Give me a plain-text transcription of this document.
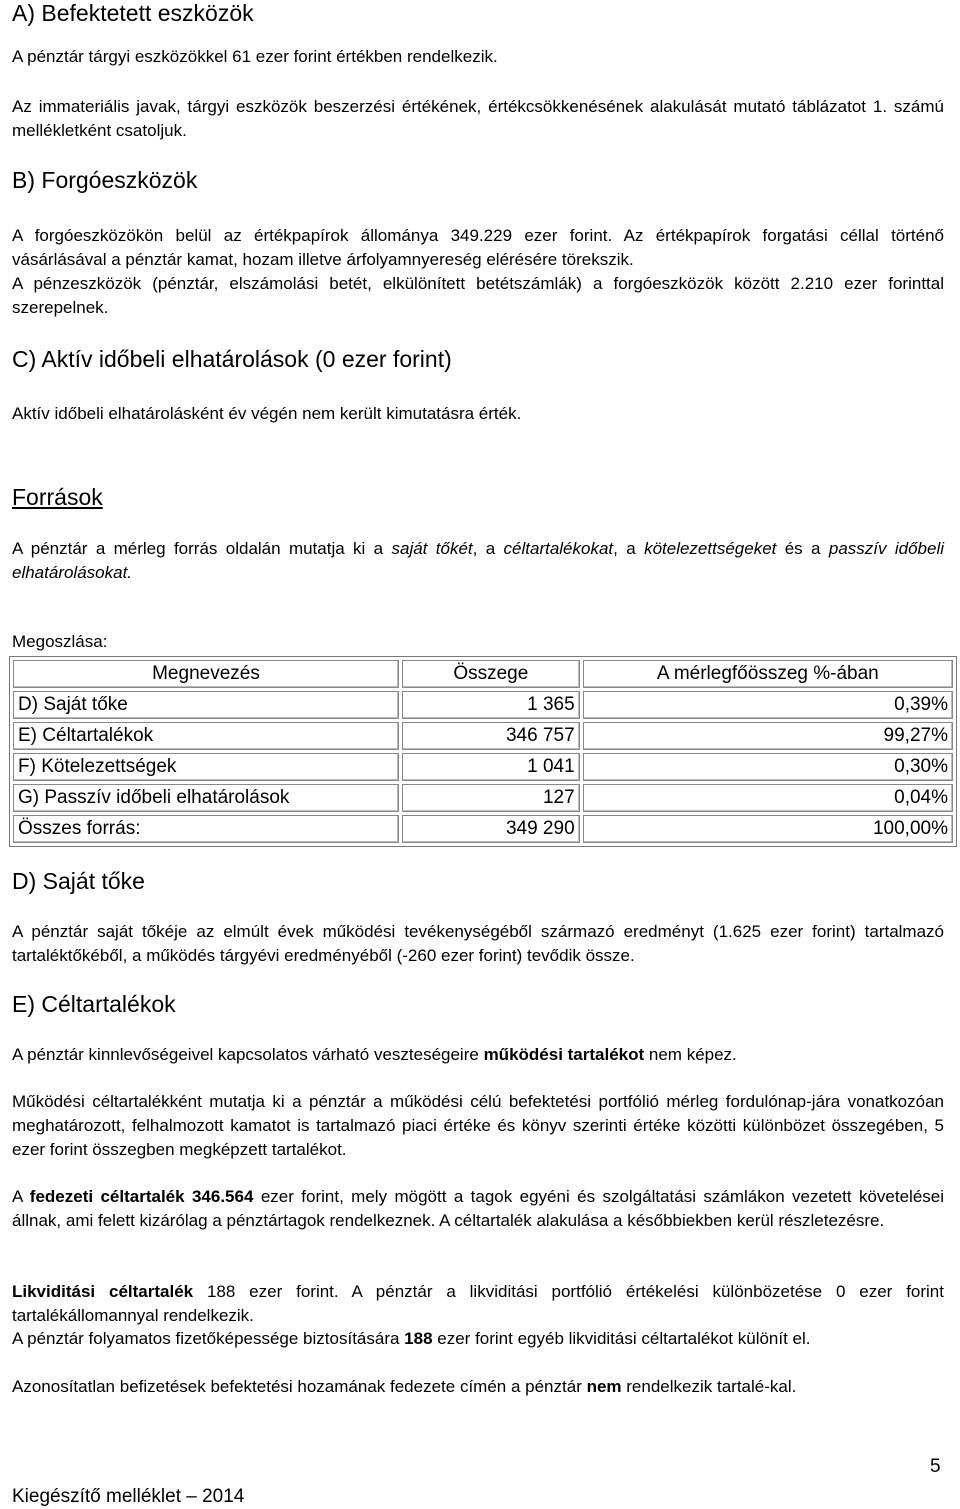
A) Befektetett eszközök

A pénztár tárgyi eszközökkel 61 ezer forint értékben rendelkezik.

Az immateriális javak, tárgyi eszközök beszerzési értékének, értékcsökkenésének alakulását mutató táblázatot 1. számú mellékletként csatoljuk.

B) Forgóeszközök

A forgóeszközökön belül az értékpapírok állománya 349.229 ezer forint. Az értékpapírok forgatási céllal történő vásárlásával a pénztár kamat, hozam illetve árfolyamnyereség elérésére törekszik.

A pénzeszközök (pénztár, elszámolási betét, elkülönített betétszámlák) a forgóeszközök között 2.210 ezer forinttal szerepelnek.

C) Aktív időbeli elhatárolások (0 ezer forint)

Aktív időbeli elhatárolásként év végén nem került kimutatásra érték.

Források

A pénztár a mérleg forrás oldalán mutatja ki a saját tőkét, a céltartalékokat, a kötelezettségeket és a passzív időbeli elhatárolásokat.

Megoszlása:

Megnevezés	Összege	A mérlegfőösszeg %-ában
D) Saját tőke	1 365	0,39%
E) Céltartalékok	346 757	99,27%
F) Kötelezettségek	1 041	0,30%
G) Passzív időbeli elhatárolások	127	0,04%
Összes forrás:	349 290	100,00%
D) Saját tőke

A pénztár saját tőkéje az elmúlt évek működési tevékenységéből származó eredményt (1.625 ezer forint) tartalmazó tartaléktőkéből, a működés tárgyévi eredményéből (-260 ezer forint) tevődik össze.

E) Céltartalékok

A pénztár kinnlevőségeivel kapcsolatos várható veszteségeire működési tartalékot nem képez.

Működési céltartalékként mutatja ki a pénztár a működési célú befektetési portfólió mérleg fordulónap-jára vonatkozóan meghatározott, felhalmozott kamatot is tartalmazó piaci értéke és könyv szerinti értéke közötti különbözet összegében, 5 ezer forint összegben megképzett tartalékot.

A fedezeti céltartalék 346.564 ezer forint, mely mögött a tagok egyéni és szolgáltatási számlákon vezetett követelései állnak, ami felett kizárólag a pénztártagok rendelkeznek. A céltartalék alakulása a későbbiekben kerül részletezésre.

Likviditási céltartalék 188 ezer forint. A pénztár a likviditási portfólió értékelési különbözetése 0 ezer forint tartalékállomannyal rendelkezik.

A pénztár folyamatos fizetőképessége biztosítására 188 ezer forint egyéb likviditási céltartalékot különít el.

Azonosítatlan befizetések befektetési hozamának fedezete címén a pénztár nem rendelkezik tartalé-kal.

5
Kiegészítő melléklet – 2014
